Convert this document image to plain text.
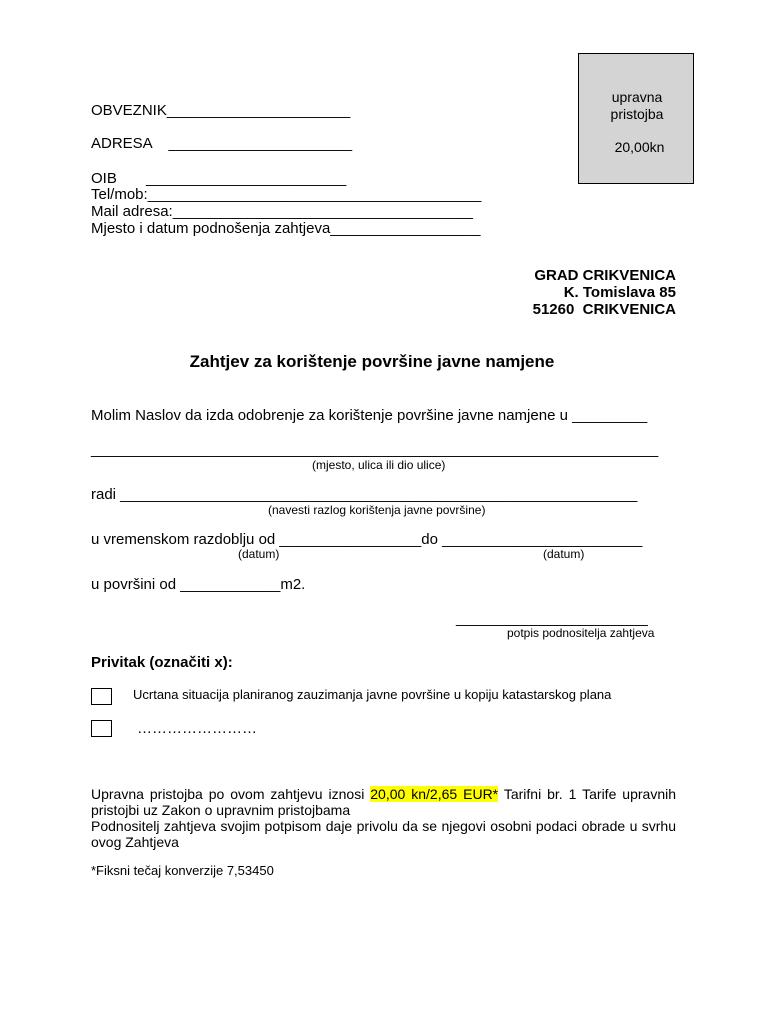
upravna
pristojba
20,00kn
OBVEZNIK______________________
ADRESA    ______________________
OIB       ________________________
Tel/mob:________________________________________
Mail adresa:____________________________________
Mjesto i datum podnošenja zahtjeva__________________
GRAD CRIKVENICA
K. Tomislava 85
51260  CRIKVENICA
Zahtjev za korištenje površine javne namjene
Molim Naslov da izda odobrenje za korištenje površine javne namjene u _________
____________________________________________________________________
(mjesto, ulica ili dio ulice)
radi ______________________________________________________________
(navesti razlog korištenja javne površine)
u vremenskom razdoblju od _________________do ________________________
(datum)	(datum)
u površini od ____________m2.
_______________________
potpis podnositelja zahtjeva
Privitak (označiti x):
Ucrtana situacija planiranog zauzimanja javne površine u kopiju katastarskog plana
……………………
Upravna pristojba po ovom zahtjevu iznosi 20,00 kn/2,65 EUR* Tarifni br. 1 Tarife upravnih pristojbi uz Zakon o upravnim pristojbama
Podnositelj zahtjeva svojim potpisom daje privolu da se njegovi osobni podaci obrade u svrhu ovog Zahtjeva
*Fiksni tečaj konverzije 7,53450
